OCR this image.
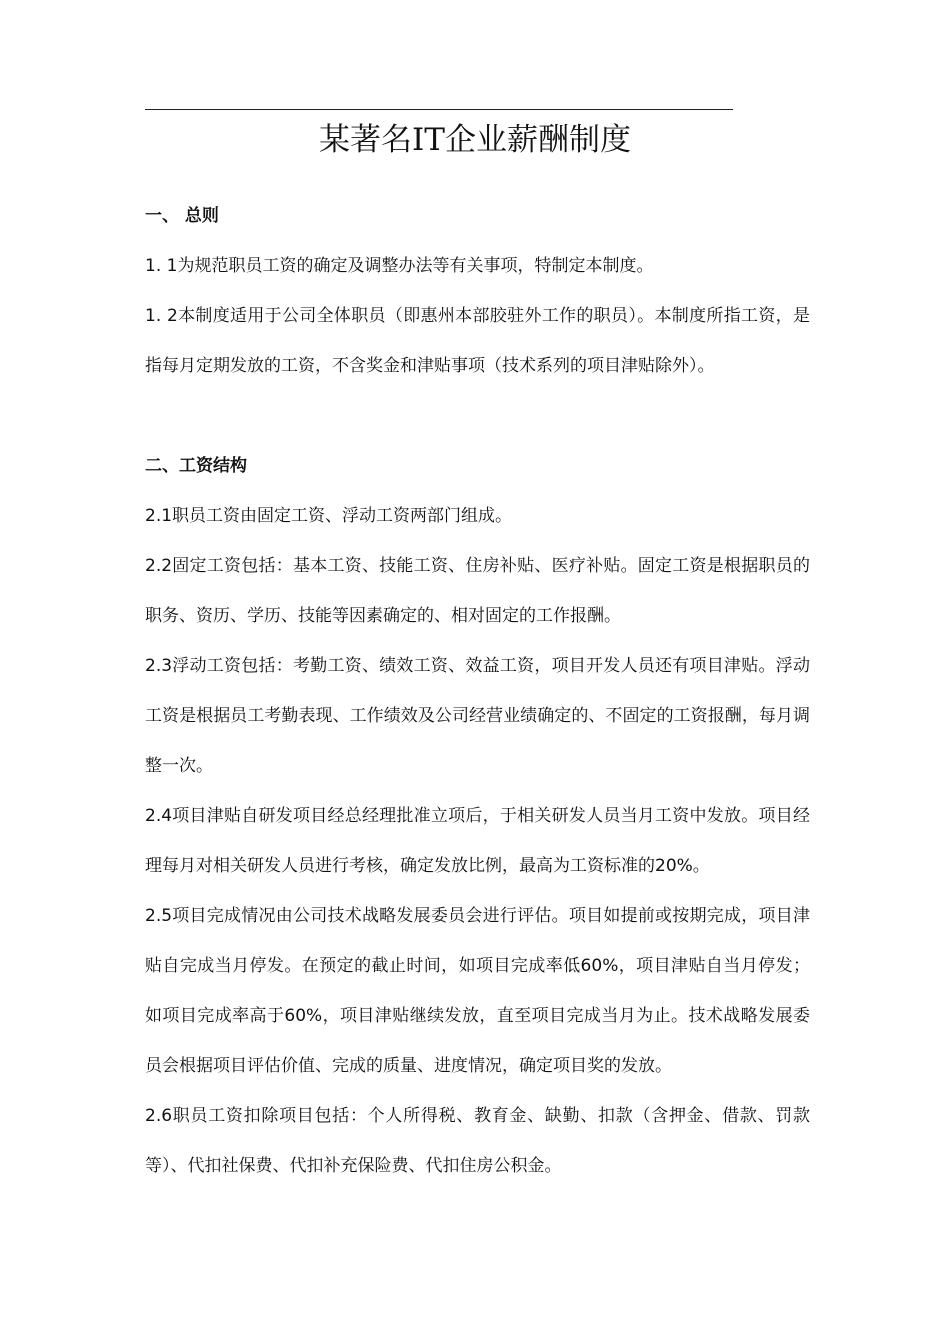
某著名IT企业薪酬制度

一、 总则

1. 1为规范职员工资的确定及调整办法等有关事项，特制定本制度。

1. 2本制度适用于公司全体职员（即惠州本部胶驻外工作的职员）。本制度所指工资，是指每月定期发放的工资，不含奖金和津贴事项（技术系列的项目津贴除外）。

二、工资结构

2.1职员工资由固定工资、浮动工资两部门组成。

2.2固定工资包括：基本工资、技能工资、住房补贴、医疗补贴。固定工资是根据职员的职务、资历、学历、技能等因素确定的、相对固定的工作报酬。

2.3浮动工资包括：考勤工资、绩效工资、效益工资，项目开发人员还有项目津贴。浮动工资是根据员工考勤表现、工作绩效及公司经营业绩确定的、不固定的工资报酬，每月调整一次。

2.4项目津贴自研发项目经总经理批准立项后，于相关研发人员当月工资中发放。项目经理每月对相关研发人员进行考核，确定发放比例，最高为工资标准的20%。

2.5项目完成情况由公司技术战略发展委员会进行评估。项目如提前或按期完成，项目津贴自完成当月停发。在预定的截止时间，如项目完成率低60%，项目津贴自当月停发；如项目完成率高于60%，项目津贴继续发放，直至项目完成当月为止。技术战略发展委员会根据项目评估价值、完成的质量、进度情况，确定项目奖的发放。

2.6职员工资扣除项目包括：个人所得税、教育金、缺勤、扣款（含押金、借款、罚款等）、代扣社保费、代扣补充保险费、代扣住房公积金。
